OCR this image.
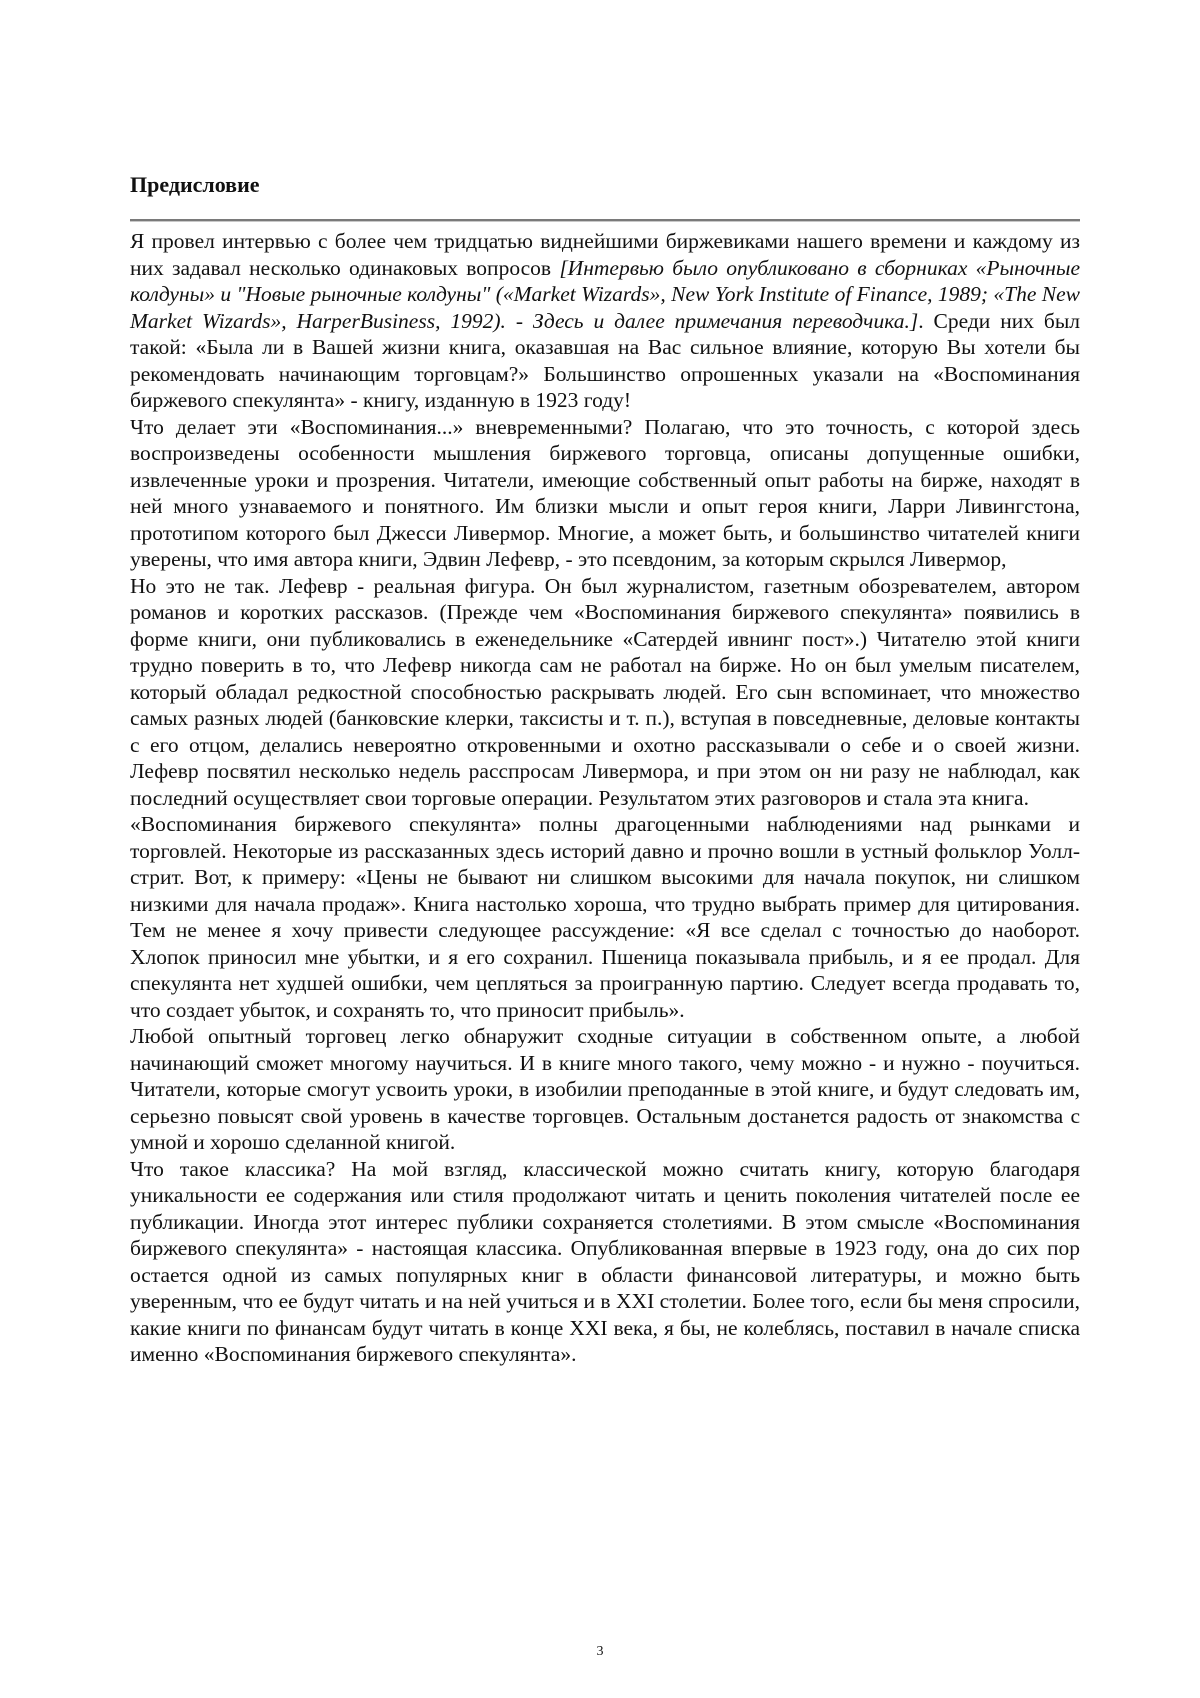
Предисловие

Я провел интервью с более чем тридцатью виднейшими биржевиками нашего времени и каждому из них задавал несколько одинаковых вопросов [Интервью было опубликовано в сборниках «Рыночные колдуны» и "Новые рыночные колдуны" («Market Wizards», New York Institute of Finance, 1989; «The New Market Wizards», HarperBusiness, 1992). - Здесь и далее примечания переводчика.]. Среди них был такой: «Была ли в Вашей жизни книга, оказавшая на Вас сильное влияние, которую Вы хотели бы рекомендовать начинающим торговцам?» Большинство опрошенных указали на «Воспоминания биржевого спекулянта» - книгу, изданную в 1923 году!

Что делает эти «Воспоминания...» вневременными? Полагаю, что это точность, с которой здесь воспроизведены особенности мышления биржевого торговца, описаны допущенные ошибки, извлеченные уроки и прозрения. Читатели, имеющие собственный опыт работы на бирже, находят в ней много узнаваемого и понятного. Им близки мысли и опыт героя книги, Ларри Ливингстона, прототипом которого был Джесси Ливермор. Многие, а может быть, и большинство читателей книги уверены, что имя автора книги, Эдвин Лефевр, - это псевдоним, за которым скрылся Ливермор,

Но это не так. Лефевр - реальная фигура. Он был журналистом, газетным обозревателем, автором романов и коротких рассказов. (Прежде чем «Воспоминания биржевого спекулянта» появились в форме книги, они публиковались в еженедельнике «Сатердей ивнинг пост».) Читателю этой книги трудно поверить в то, что Лефевр никогда сам не работал на бирже. Но он был умелым писателем, который обладал редкостной способностью раскрывать людей. Его сын вспоминает, что множество самых разных людей (банковские клерки, таксисты и т. п.), вступая в повседневные, деловые контакты с его отцом, делались невероятно откровенными и охотно рассказывали о себе и о своей жизни. Лефевр посвятил несколько недель расспросам Ливермора, и при этом он ни разу не наблюдал, как последний осуществляет свои торговые операции. Результатом этих разговоров и стала эта книга.

«Воспоминания биржевого спекулянта» полны драгоценными наблюдениями над рынками и торговлей. Некоторые из рассказанных здесь историй давно и прочно вошли в устный фольклор Уолл-стрит. Вот, к примеру: «Цены не бывают ни слишком высокими для начала покупок, ни слишком низкими для начала продаж». Книга настолько хороша, что трудно выбрать пример для цитирования. Тем не менее я хочу привести следующее рассуждение: «Я все сделал с точностью до наоборот. Хлопок приносил мне убытки, и я его сохранил. Пшеница показывала прибыль, и я ее продал. Для спекулянта нет худшей ошибки, чем цепляться за проигранную партию. Следует всегда продавать то, что создает убыток, и сохранять то, что приносит прибыль».

Любой опытный торговец легко обнаружит сходные ситуации в собственном опыте, а любой начинающий сможет многому научиться. И в книге много такого, чему можно - и нужно - поучиться. Читатели, которые смогут усвоить уроки, в изобилии преподанные в этой книге, и будут следовать им, серьезно повысят свой уровень в качестве торговцев. Остальным достанется радость от знакомства с умной и хорошо сделанной книгой.

Что такое классика? На мой взгляд, классической можно считать книгу, которую благодаря уникальности ее содержания или стиля продолжают читать и ценить поколения читателей после ее публикации. Иногда этот интерес публики сохраняется столетиями. В этом смысле «Воспоминания биржевого спекулянта» - настоящая классика. Опубликованная впервые в 1923 году, она до сих пор остается одной из самых популярных книг в области финансовой литературы, и можно быть уверенным, что ее будут читать и на ней учиться и в XXI столетии. Более того, если бы меня спросили, какие книги по финансам будут читать в конце XXI века, я бы, не колеблясь, поставил в начале списка именно «Воспоминания биржевого спекулянта».

3
